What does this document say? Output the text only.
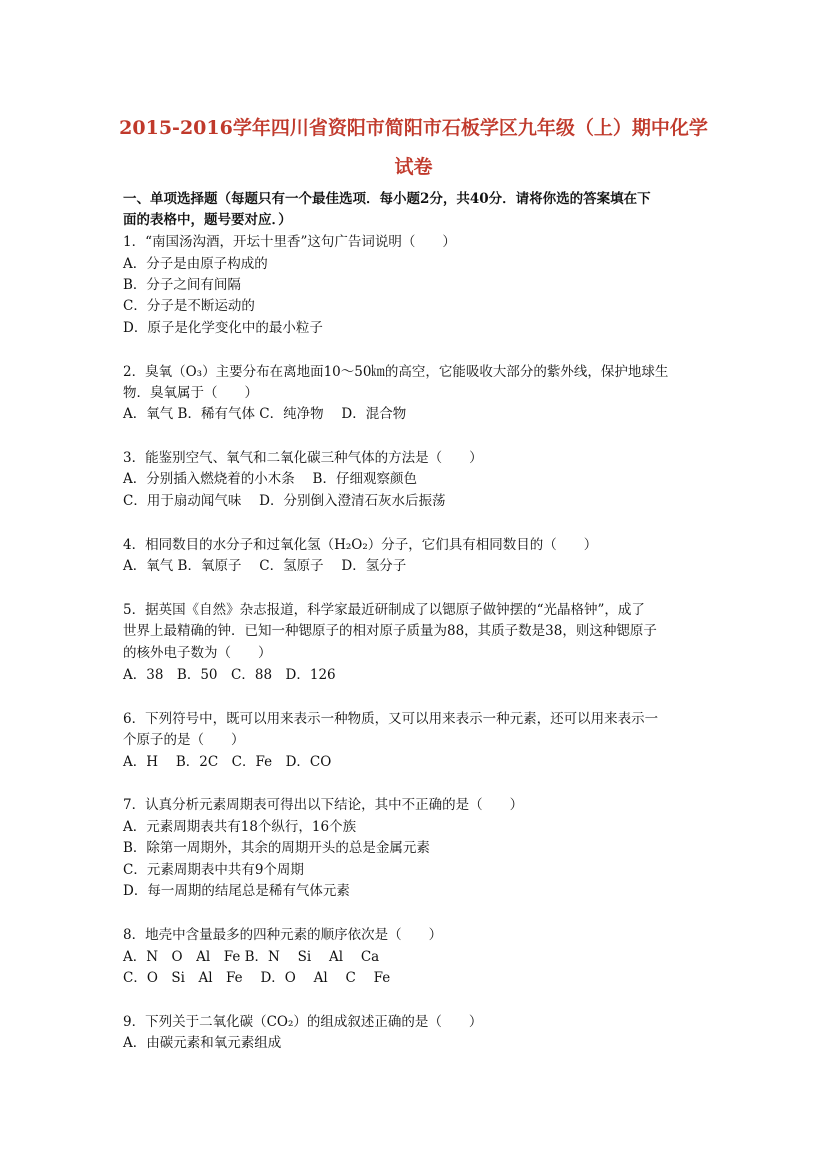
2015-2016学年四川省资阳市简阳市石板学区九年级（上）期中化学
试卷
一、单项选择题（每题只有一个最佳选项．每小题2分，共40分．请将你选的答案填在下
面的表格中，题号要对应．）
1．“南国汤沟酒，开坛十里香”这句广告词说明（　　）
A．分子是由原子构成的
B．分子之间有间隔
C．分子是不断运动的
D．原子是化学变化中的最小粒子
2．臭氧（O₃）主要分布在离地面10～50㎞的高空，它能吸收大部分的紫外线，保护地球生
物．臭氧属于（　　）
A．氧气 B．稀有气体 C．纯净物　 D．混合物
3．能鉴别空气、氧气和二氧化碳三种气体的方法是（　　）
A．分别插入燃烧着的小木条　 B．仔细观察颜色
C．用于扇动闻气味　 D．分别倒入澄清石灰水后振荡
4．相同数目的水分子和过氧化氢（H₂O₂）分子，它们具有相同数目的（　　）
A．氧气 B．氧原子　 C．氢原子　 D．氢分子
5．据英国《自然》杂志报道，科学家最近研制成了以锶原子做钟摆的“光晶格钟”，成了
世界上最精确的钟．已知一种锶原子的相对原子质量为88，其质子数是38，则这种锶原子
的核外电子数为（　　）
A．38　B．50　C．88　D．126
6．下列符号中，既可以用来表示一种物质，又可以用来表示一种元素，还可以用来表示一
个原子的是（　　）
A．H　 B．2C　C．Fe　D．CO
7．认真分析元素周期表可得出以下结论，其中不正确的是（　　）
A．元素周期表共有18个纵行，16个族
B．除第一周期外，其余的周期开头的总是金属元素
C．元素周期表中共有9个周期
D．每一周期的结尾总是稀有气体元素
8．地壳中含量最多的四种元素的顺序依次是（　　）
A．N　O　Al　Fe B．N　 Si　 Al　 Ca
C．O　Si　Al　Fe　 D．O　 Al　 C　 Fe
9．下列关于二氧化碳（CO₂）的组成叙述正确的是（　　）
A．由碳元素和氧元素组成
